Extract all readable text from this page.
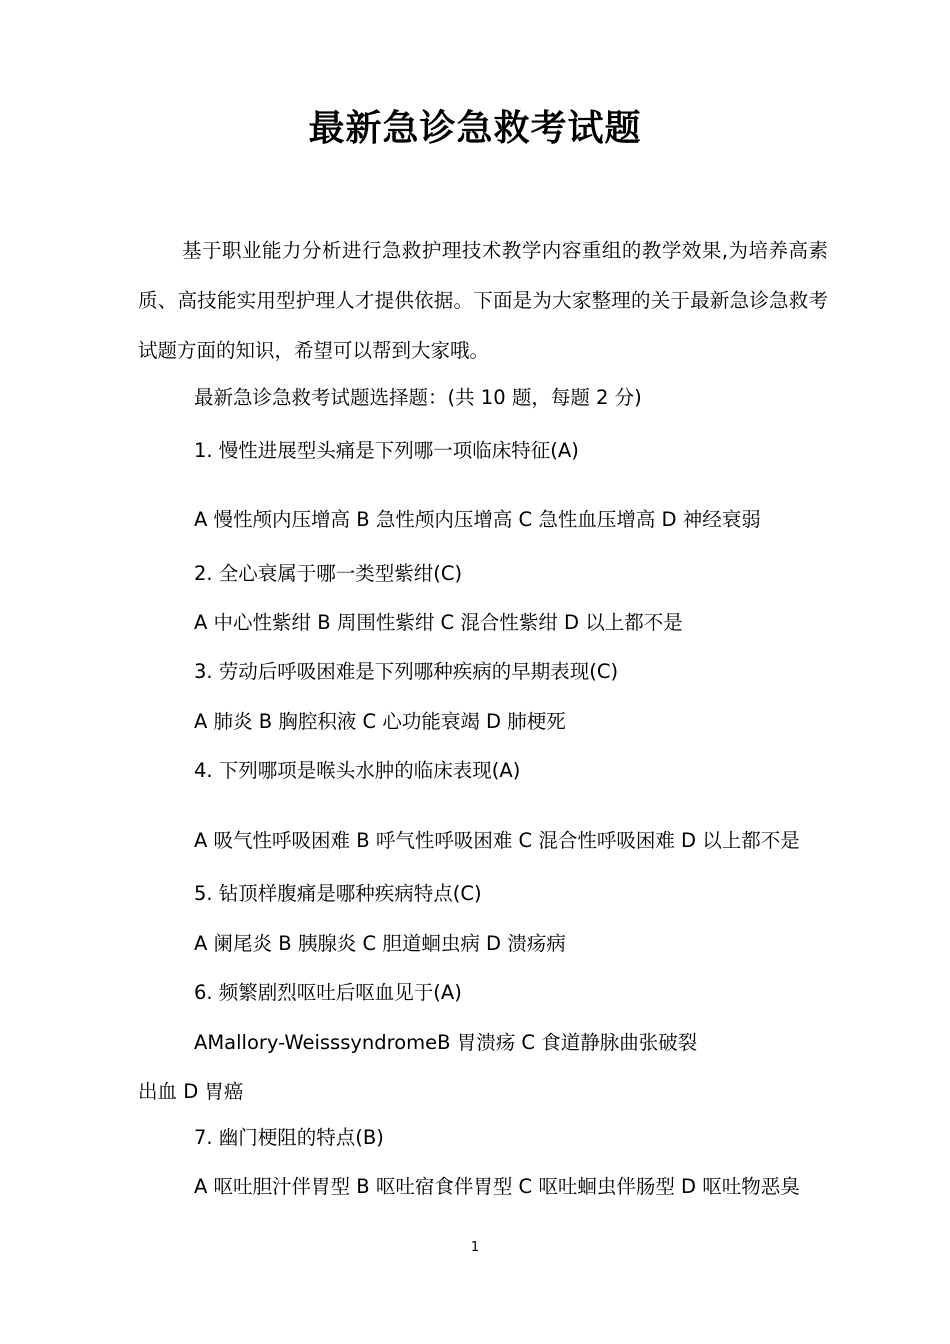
最新急诊急救考试题
基于职业能力分析进行急救护理技术教学内容重组的教学效果,为培养高素质、高技能实用型护理人才提供依据。下面是为大家整理的关于最新急诊急救考试题方面的知识，希望可以帮到大家哦。
最新急诊急救考试题选择题：(共 10 题，每题 2 分)
1. 慢性进展型头痛是下列哪一项临床特征(A)
A 慢性颅内压增高 B 急性颅内压增高 C 急性血压增高 D 神经衰弱
2. 全心衰属于哪一类型紫绀(C)
A 中心性紫绀 B 周围性紫绀 C 混合性紫绀 D 以上都不是
3. 劳动后呼吸困难是下列哪种疾病的早期表现(C)
A 肺炎 B 胸腔积液 C 心功能衰竭 D 肺梗死
4. 下列哪项是喉头水肿的临床表现(A)
A 吸气性呼吸困难 B 呼气性呼吸困难 C 混合性呼吸困难 D 以上都不是
5. 钻顶样腹痛是哪种疾病特点(C)
A 阑尾炎 B 胰腺炎 C 胆道蛔虫病 D 溃疡病
6. 频繁剧烈呕吐后呕血见于(A)
AMallory-WeisssyndromeB 胃溃疡 C 食道静脉曲张破裂
出血 D 胃癌
7. 幽门梗阻的特点(B)
A 呕吐胆汁伴胃型 B 呕吐宿食伴胃型 C 呕吐蛔虫伴肠型 D 呕吐物恶臭
1
